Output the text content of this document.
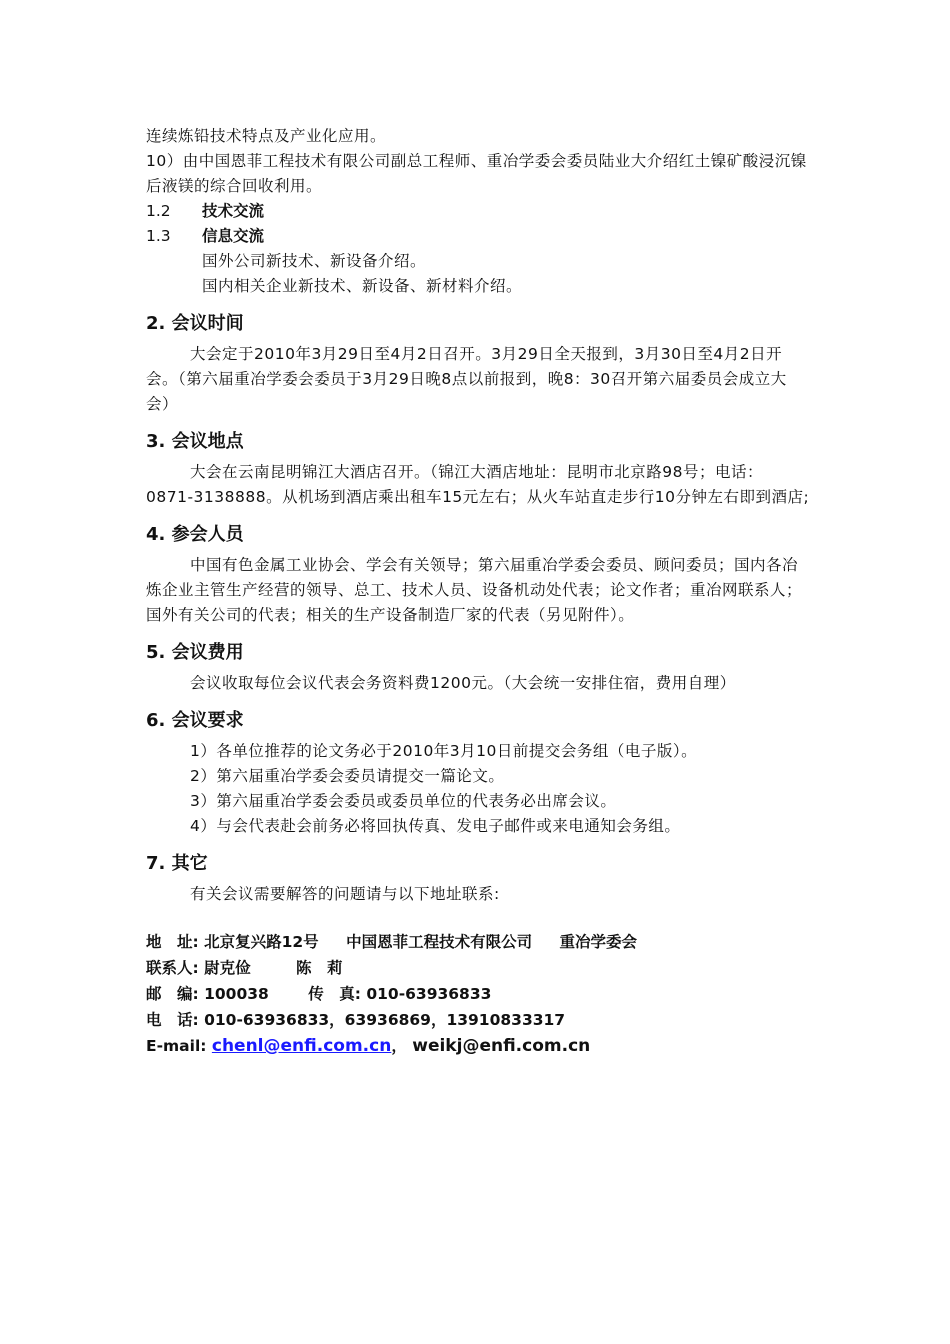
连续炼铅技术特点及产业化应用。

10）由中国恩菲工程技术有限公司副总工程师、重冶学委会委员陆业大介绍红土镍矿酸浸沉镍后液镁的综合回收利用。

1.2 技术交流

1.3 信息交流

国外公司新技术、新设备介绍。

国内相关企业新技术、新设备、新材料介绍。

2. 会议时间

大会定于2010年3月29日至4月2日召开。3月29日全天报到，3月30日至4月2日开会。（第六届重冶学委会委员于3月29日晚8点以前报到，晚8：30召开第六届委员会成立大会）

3. 会议地点

大会在云南昆明锦江大酒店召开。（锦江大酒店地址：昆明市北京路98号；电话：0871-3138888。从机场到酒店乘出租车15元左右；从火车站直走步行10分钟左右即到酒店;

4. 参会人员

中国有色金属工业协会、学会有关领导；第六届重冶学委会委员、顾问委员；国内各冶炼企业主管生产经营的领导、总工、技术人员、设备机动处代表；论文作者；重冶网联系人；国外有关公司的代表；相关的生产设备制造厂家的代表（另见附件）。

5. 会议费用

会议收取每位会议代表会务资料费1200元。（大会统一安排住宿，费用自理）

6. 会议要求

1）各单位推荐的论文务必于2010年3月10日前提交会务组（电子版）。

2）第六届重冶学委会委员请提交一篇论文。

3）第六届重冶学委会委员或委员单位的代表务必出席会议。

4）与会代表赴会前务必将回执传真、发电子邮件或来电通知会务组。

7. 其它

有关会议需要解答的问题请与以下地址联系:

地　址: 北京复兴路12号 中国恩菲工程技术有限公司 重冶学委会
联系人: 尉克俭	陈　莉
邮　编: 100038	传　真: 010-63936833
电　话: 010-63936833，63936869，13910833317
E-mail: chenl@enfi.com.cn， weikj@enfi.com.cn
